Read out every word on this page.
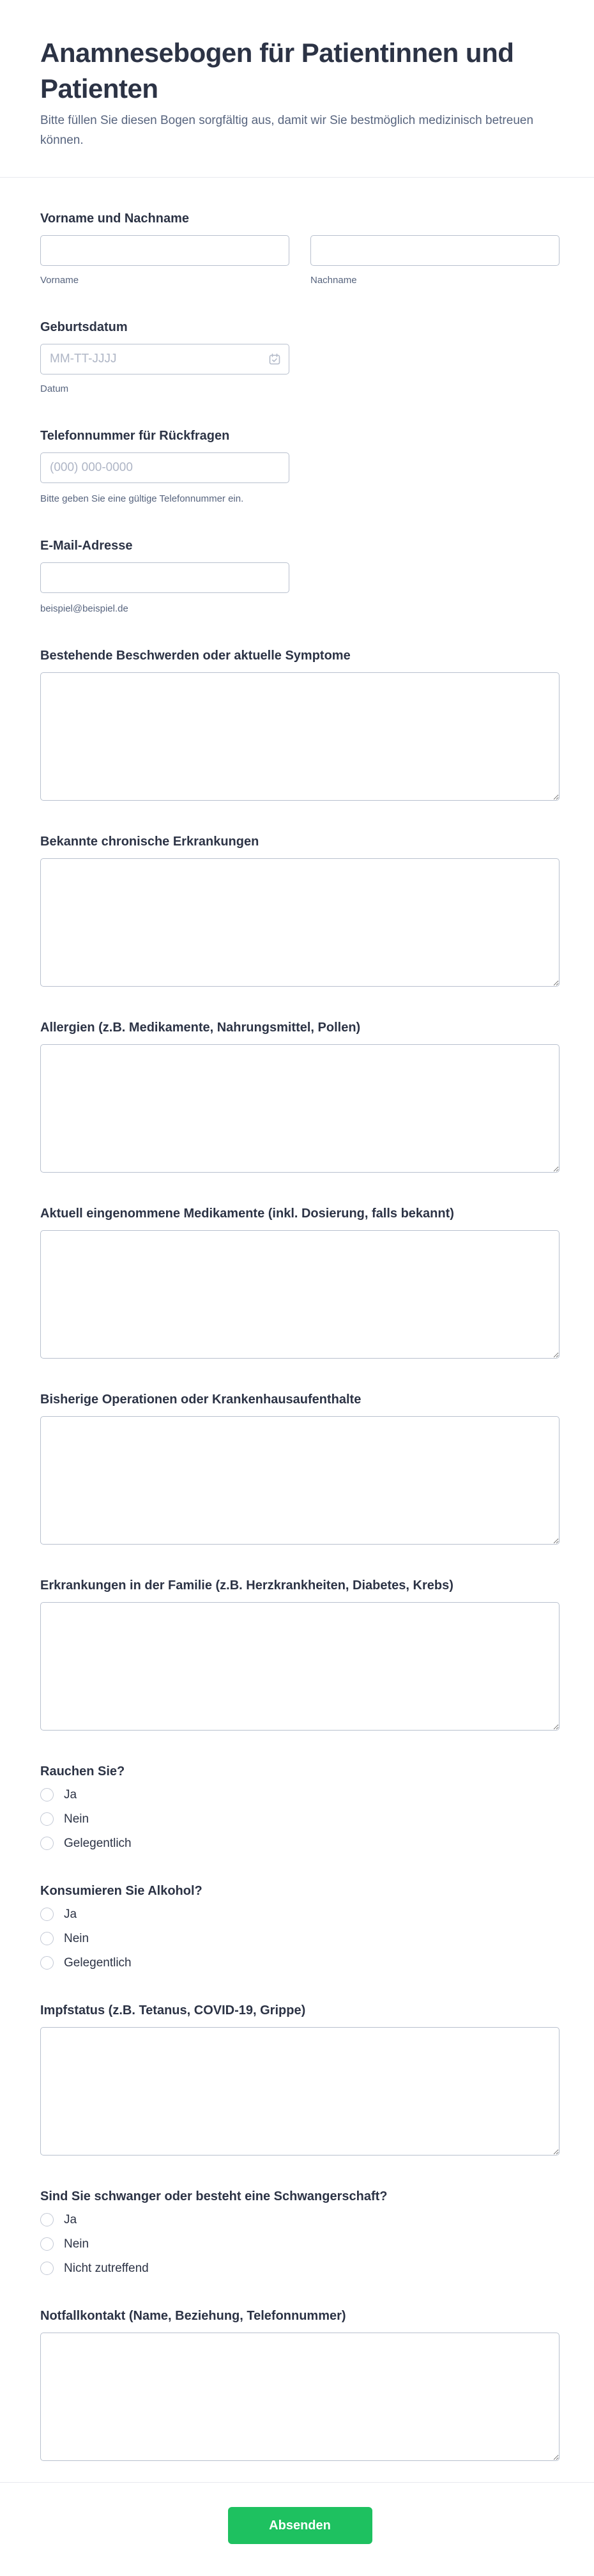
Anamnesebogen für Patientinnen und Patienten

Bitte füllen Sie diesen Bogen sorgfältig aus, damit wir Sie bestmöglich medizinisch betreuen können.

Vorname und Nachname

Vorname	Nachname

Geburtsdatum

MM-TT-JJJJ
Datum

Telefonnummer für Rückfragen

(000) 000-0000
Bitte geben Sie eine gültige Telefonnummer ein.

E-Mail-Adresse

beispiel@beispiel.de

Bestehende Beschwerden oder aktuelle Symptome

Bekannte chronische Erkrankungen

Allergien (z.B. Medikamente, Nahrungsmittel, Pollen)

Aktuell eingenommene Medikamente (inkl. Dosierung, falls bekannt)

Bisherige Operationen oder Krankenhausaufenthalte

Erkrankungen in der Familie (z.B. Herzkrankheiten, Diabetes, Krebs)

Rauchen Sie?

Ja
Nein
Gelegentlich

Konsumieren Sie Alkohol?

Ja
Nein
Gelegentlich

Impfstatus (z.B. Tetanus, COVID-19, Grippe)

Sind Sie schwanger oder besteht eine Schwangerschaft?

Ja
Nein
Nicht zutreffend

Notfallkontakt (Name, Beziehung, Telefonnummer)

Absenden
